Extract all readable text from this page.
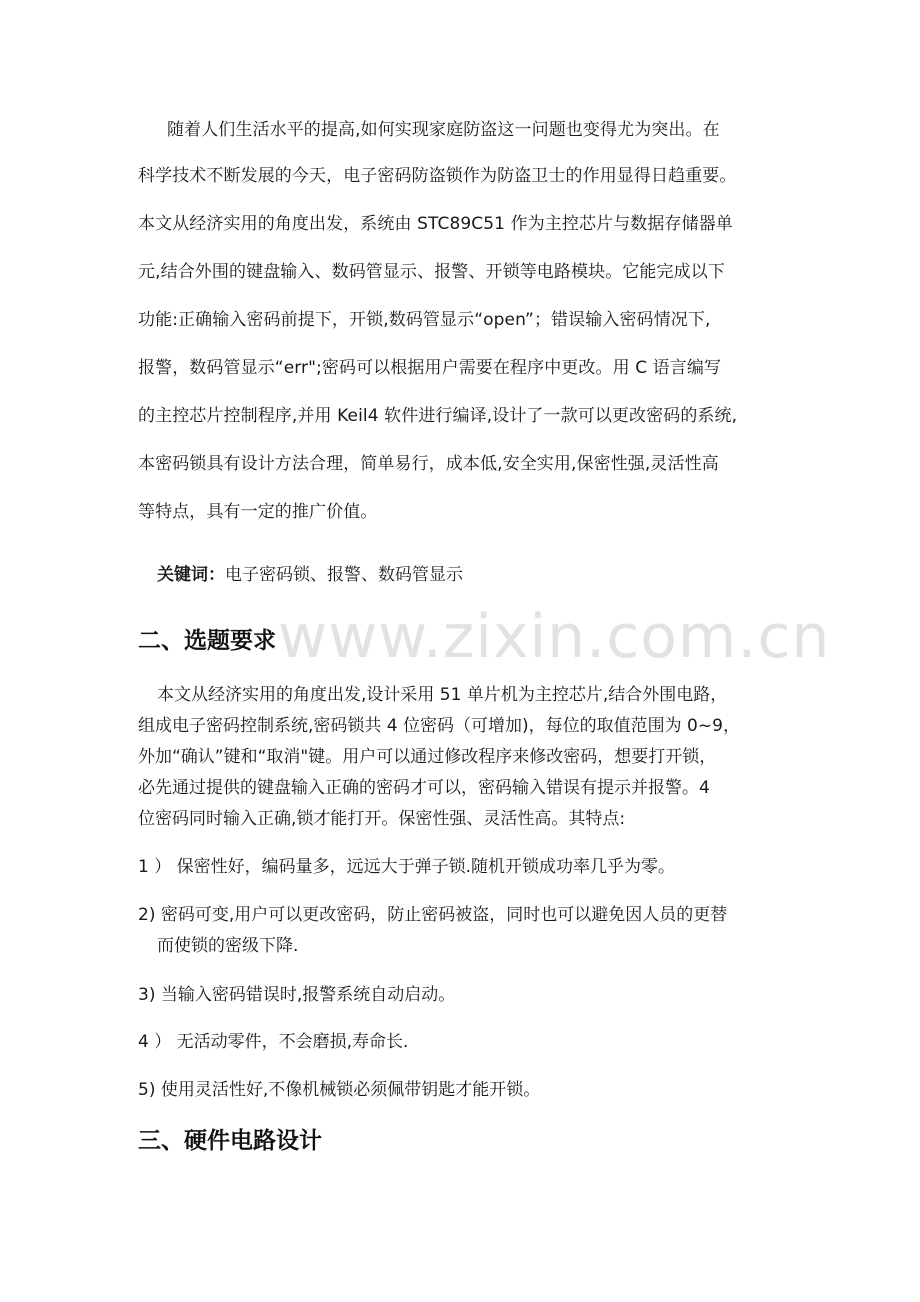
www.zixin.com.cn

随着人们生活水平的提高,如何实现家庭防盗这一问题也变得尤为突出。在

科学技术不断发展的今天，电子密码防盗锁作为防盗卫士的作用显得日趋重要。

本文从经济实用的角度出发，系统由 STC89C51 作为主控芯片与数据存储器单

元,结合外围的键盘输入、数码管显示、报警、开锁等电路模块。它能完成以下

功能:正确输入密码前提下，开锁,数码管显示“open”；错误输入密码情况下,

报警，数码管显示“err";密码可以根据用户需要在程序中更改。用 C 语言编写

的主控芯片控制程序,并用 Keil4 软件进行编译,设计了一款可以更改密码的系统,

本密码锁具有设计方法合理，简单易行，成本低,安全实用,保密性强,灵活性高

等特点，具有一定的推广价值。

关键词：电子密码锁、报警、数码管显示

二、选题要求

本文从经济实用的角度出发,设计采用 51 单片机为主控芯片,结合外围电路，

组成电子密码控制系统,密码锁共 4 位密码（可增加)，每位的取值范围为 0~9，

外加“确认”键和“取消"键。用户可以通过修改程序来修改密码，想要打开锁，

必先通过提供的键盘输入正确的密码才可以，密码输入错误有提示并报警。4

位密码同时输入正确,锁才能打开。保密性强、灵活性高。其特点:

1 ） 保密性好，编码量多，远远大于弹子锁.随机开锁成功率几乎为零。

2) 密码可变,用户可以更改密码，防止密码被盗，同时也可以避免因人员的更替

而使锁的密级下降.

3) 当输入密码错误时,报警系统自动启动。

4 ） 无活动零件，不会磨损,寿命长.

5) 使用灵活性好,不像机械锁必须佩带钥匙才能开锁。

三、硬件电路设计
